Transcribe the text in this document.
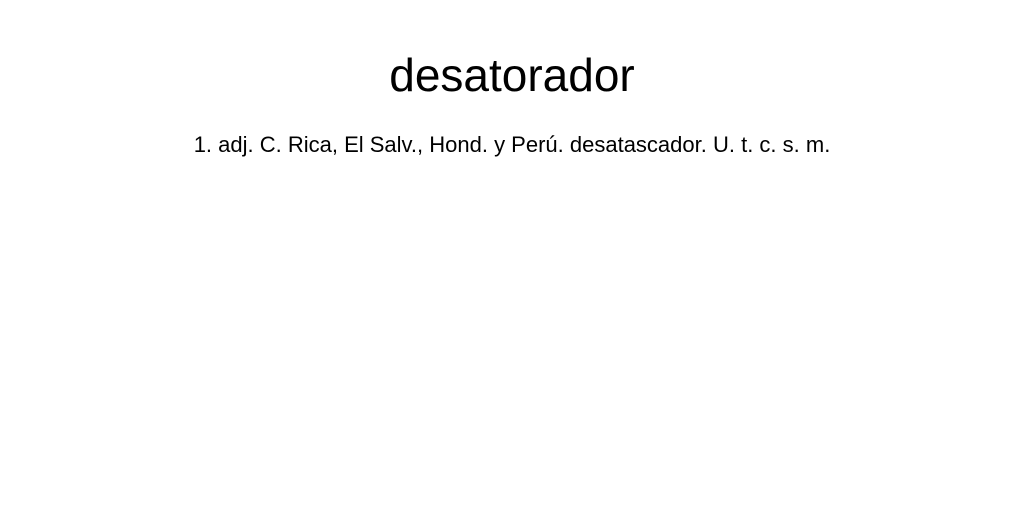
desatorador

1. adj. C. Rica, El Salv., Hond. y Perú. desatascador. U. t. c. s. m.
